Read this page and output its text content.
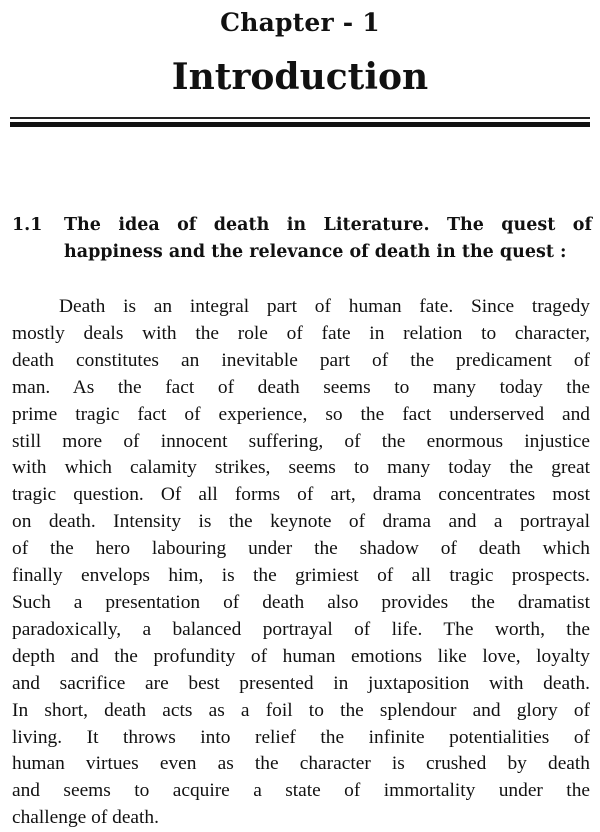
Chapter - 1
Introduction
1.1	The idea of death in Literature. The quest of happiness and the relevance of death in the quest :
Death is an integral part of human fate. Since tragedy
mostly deals with the role of fate in relation to character,
death constitutes an inevitable part of the predicament of
man. As the fact of death seems to many today the
prime tragic fact of experience, so the fact underserved and
still more of innocent suffering, of the enormous injustice
with which calamity strikes, seems to many today the great
tragic question. Of all forms of art, drama concentrates most
on death. Intensity is the keynote of drama and a portrayal
of the hero labouring under the shadow of death which
finally envelops him, is the grimiest of all tragic prospects.
Such a presentation of death also provides the dramatist
paradoxically, a balanced portrayal of life. The worth, the
depth and the profundity of human emotions like love, loyalty
and sacrifice are best presented in juxtaposition with death.
In short, death acts as a foil to the splendour and glory of
living. It throws into relief the infinite potentialities of
human virtues even as the character is crushed by death
and seems to acquire a state of immortality under the
challenge of death.
